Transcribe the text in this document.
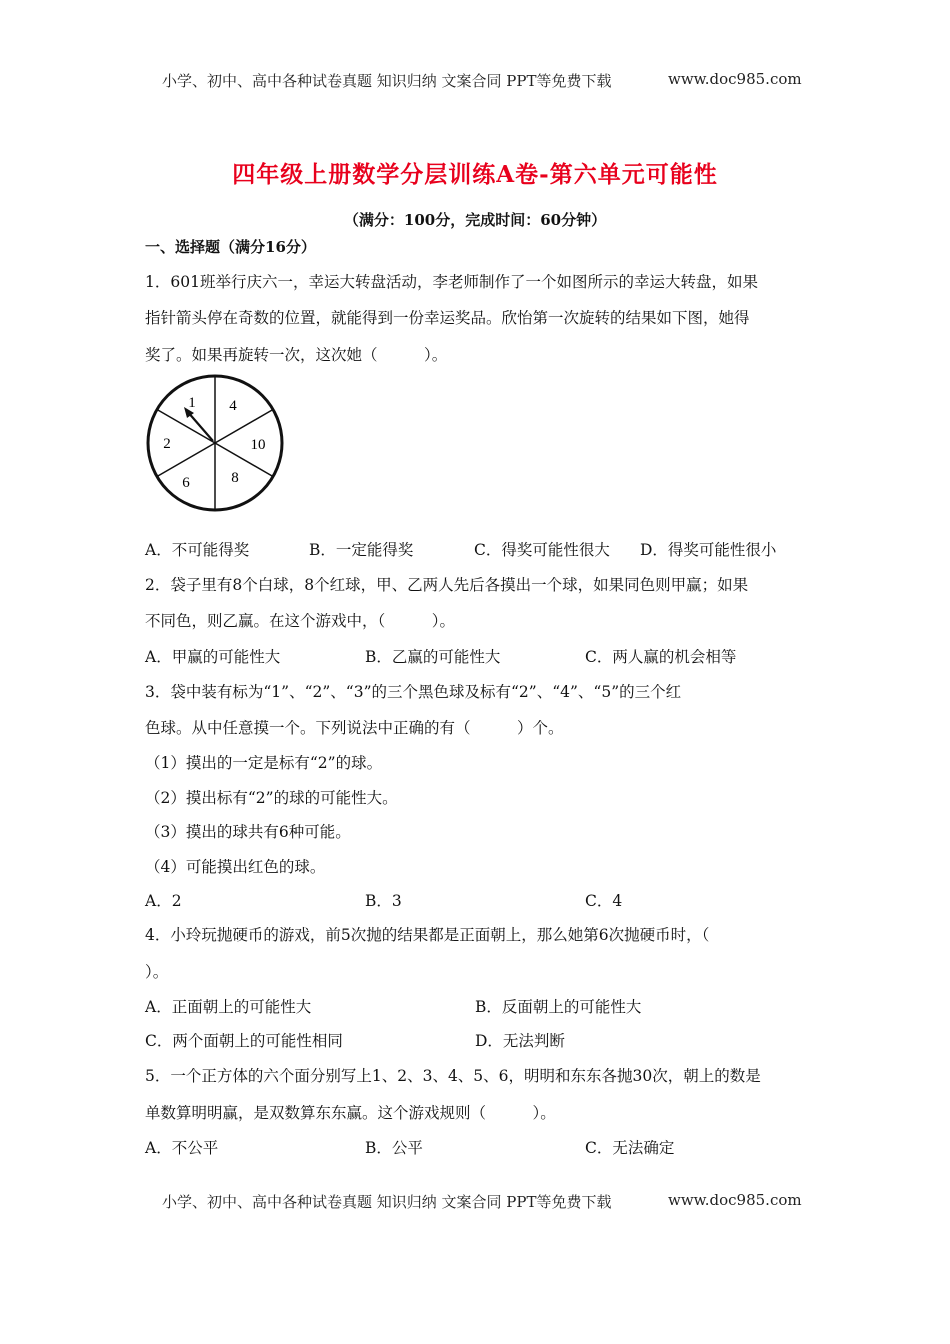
小学、初中、高中各种试卷真题 知识归纳 文案合同 PPT等免费下载	www.doc985.com
四年级上册数学分层训练A卷-第六单元可能性
（满分：100分，完成时间：60分钟）
一、选择题（满分16分）
1．601班举行庆六一，幸运大转盘活动，李老师制作了一个如图所示的幸运大转盘，如果
指针箭头停在奇数的位置，就能得到一份幸运奖品。欣怡第一次旋转的结果如下图，她得
奖了。如果再旋转一次，这次她（　　　）。
1 4
10
8
6
2
A．不可能得奖	B．一定能得奖	C．得奖可能性很大 D．得奖可能性很小
2．袋子里有8个白球，8个红球，甲、乙两人先后各摸出一个球，如果同色则甲赢；如果
不同色，则乙赢。在这个游戏中，（　　　）。
A．甲赢的可能性大	B．乙赢的可能性大	C．两人赢的机会相等
3．袋中装有标为“1”、“2”、“3”的三个黑色球及标有“2”、“4”、“5”的三个红
色球。从中任意摸一个。下列说法中正确的有（　　　）个。
（1）摸出的一定是标有“2”的球。
（2）摸出标有“2”的球的可能性大。
（3）摸出的球共有6种可能。
（4）可能摸出红色的球。
A．2	B．3	C．4
4．小玲玩抛硬币的游戏，前5次抛的结果都是正面朝上，那么她第6次抛硬币时，（
）。
A．正面朝上的可能性大	B．反面朝上的可能性大
C．两个面朝上的可能性相同	D．无法判断
5．一个正方体的六个面分别写上1、2、3、4、5、6，明明和东东各抛30次，朝上的数是
单数算明明赢，是双数算东东赢。这个游戏规则（　　　）。
A．不公平	B．公平	C．无法确定
小学、初中、高中各种试卷真题 知识归纳 文案合同 PPT等免费下载	www.doc985.com
